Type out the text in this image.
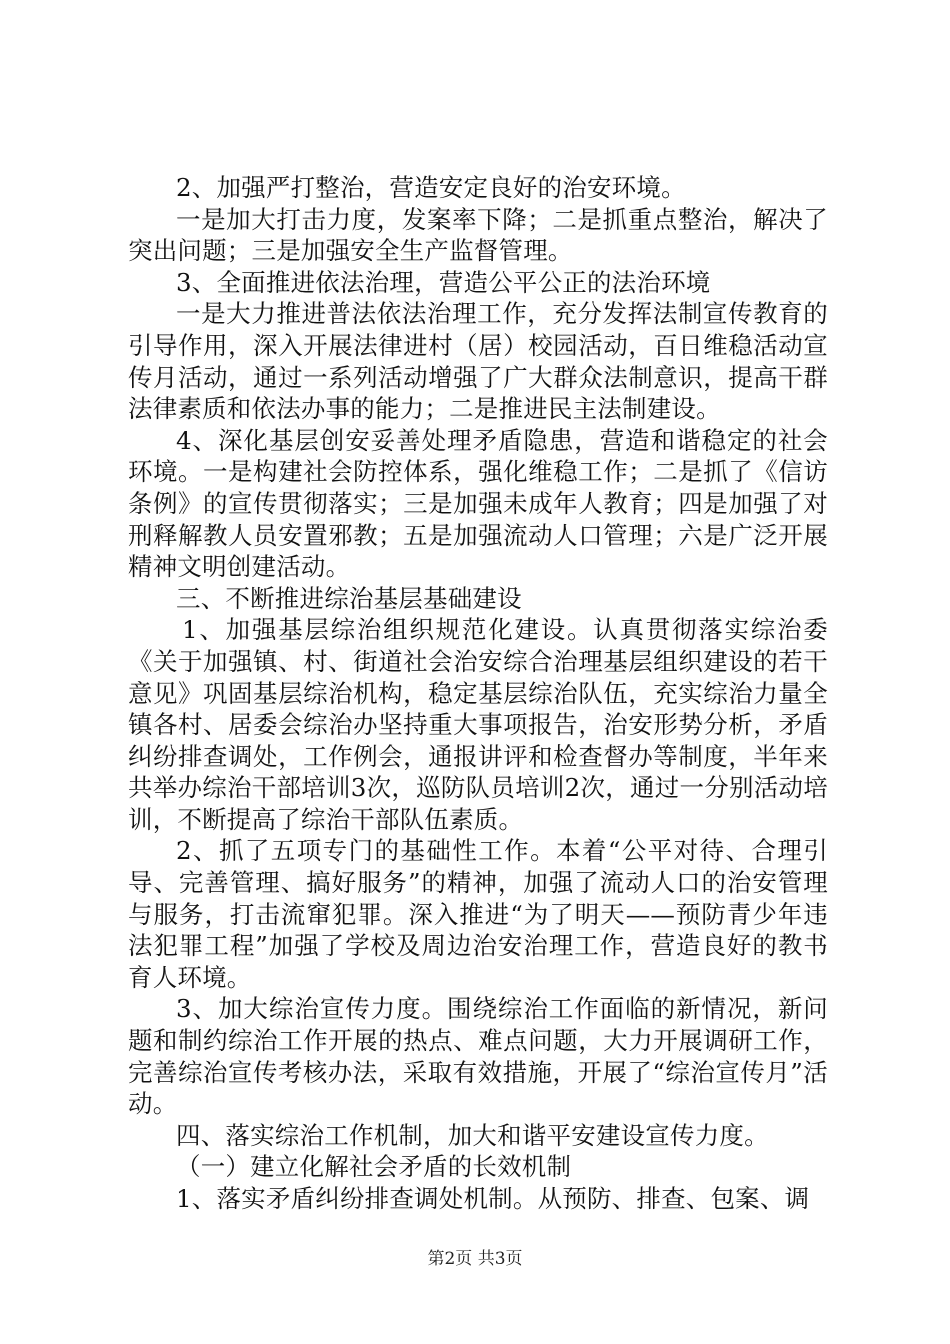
2、加强严打整治，营造安定良好的治安环境。

一是加大打击力度，发案率下降；二是抓重点整治，解决了突出问题；三是加强安全生产监督管理。

3、全面推进依法治理，营造公平公正的法治环境

一是大力推进普法依法治理工作，充分发挥法制宣传教育的引导作用，深入开展法律进村（居）校园活动，百日维稳活动宣传月活动，通过一系列活动增强了广大群众法制意识，提高干群法律素质和依法办事的能力；二是推进民主法制建设。

4、深化基层创安妥善处理矛盾隐患，营造和谐稳定的社会环境。一是构建社会防控体系，强化维稳工作；二是抓了《信访条例》的宣传贯彻落实；三是加强未成年人教育；四是加强了对刑释解教人员安置邪教；五是加强流动人口管理；六是广泛开展精神文明创建活动。

三、不断推进综治基层基础建设

1、加强基层综治组织规范化建设。认真贯彻落实综治委《关于加强镇、村、街道社会治安综合治理基层组织建设的若干意见》巩固基层综治机构，稳定基层综治队伍，充实综治力量全镇各村、居委会综治办坚持重大事项报告，治安形势分析，矛盾纠纷排查调处，工作例会，通报讲评和检查督办等制度，半年来共举办综治干部培训3次，巡防队员培训2次，通过一分别活动培训，不断提高了综治干部队伍素质。

2、抓了五项专门的基础性工作。本着“公平对待、合理引导、完善管理、搞好服务”的精神，加强了流动人口的治安管理与服务，打击流窜犯罪。深入推进“为了明天——预防青少年违法犯罪工程”加强了学校及周边治安治理工作，营造良好的教书育人环境。

3、加大综治宣传力度。围绕综治工作面临的新情况，新问题和制约综治工作开展的热点、难点问题，大力开展调研工作，完善综治宣传考核办法，采取有效措施，开展了“综治宣传月”活动。

四、落实综治工作机制，加大和谐平安建设宣传力度。

（一）建立化解社会矛盾的长效机制

1、落实矛盾纠纷排查调处机制。从预防、排查、包案、调

第2页 共3页
